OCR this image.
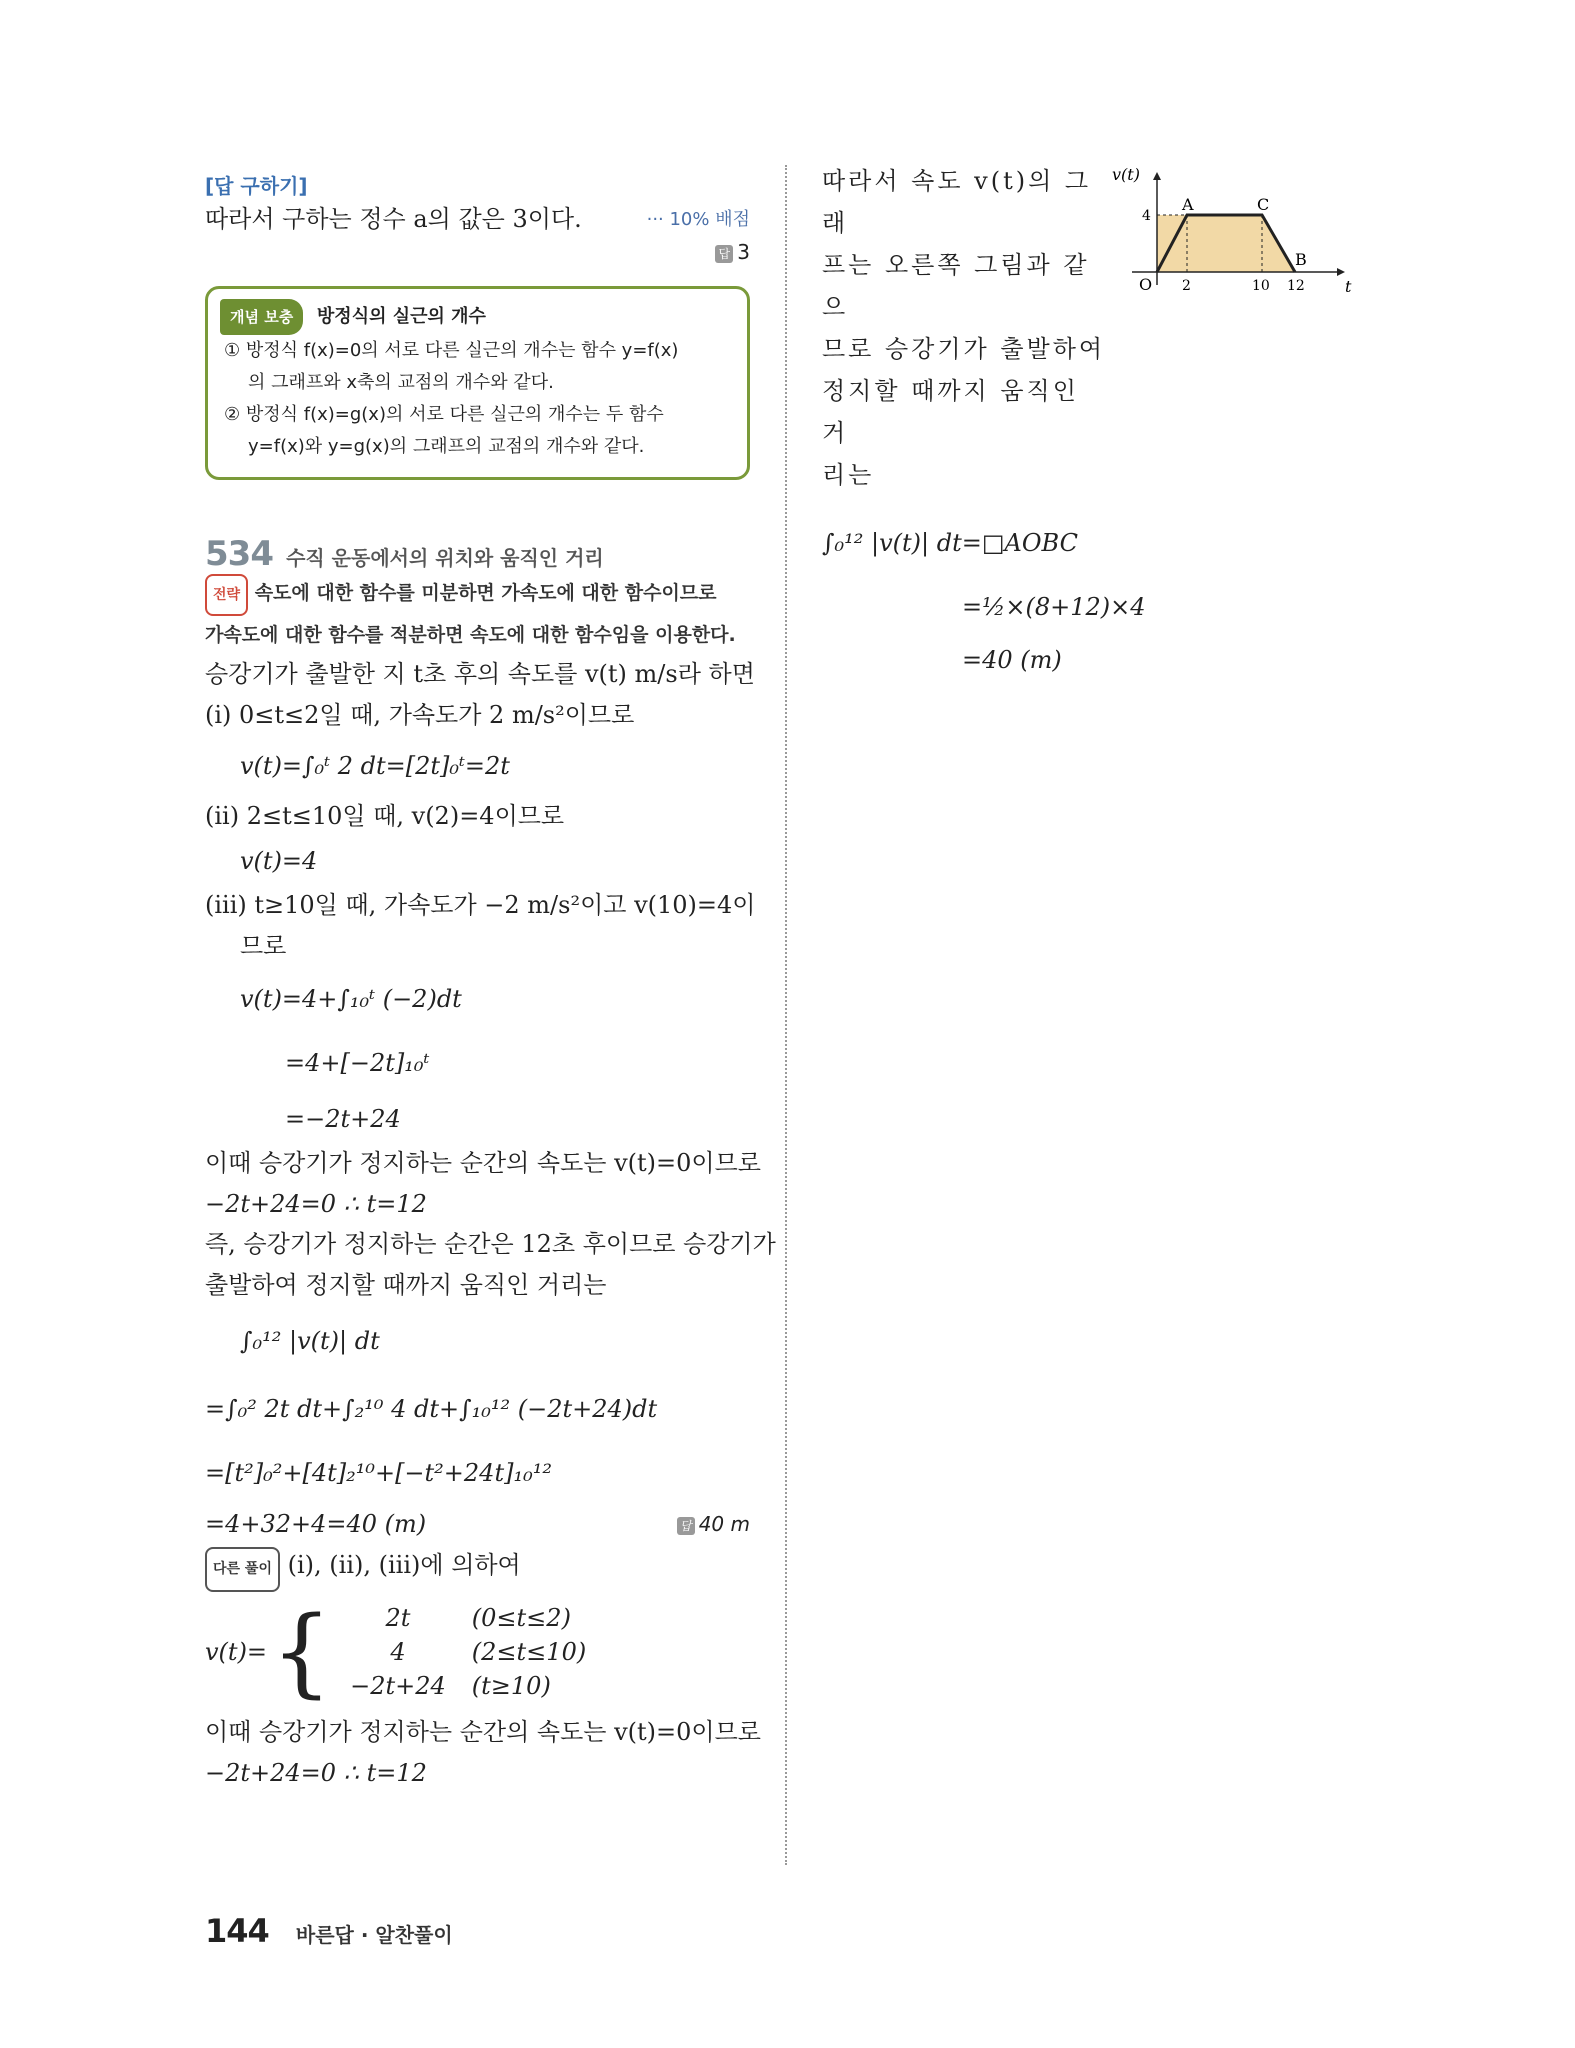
[답 구하기]
따라서 구하는 정수 a의 값은 3이다.	··· 10% 배점
답 3
개념 보충 방정식의 실근의 개수
① 방정식 f(x)=0의 서로 다른 실근의 개수는 함수 y=f(x)
의 그래프와 x축의 교점의 개수와 같다.
② 방정식 f(x)=g(x)의 서로 다른 실근의 개수는 두 함수
y=f(x)와 y=g(x)의 그래프의 교점의 개수와 같다.
534 수직 운동에서의 위치와 움직인 거리
전략 속도에 대한 함수를 미분하면 가속도에 대한 함수이므로
가속도에 대한 함수를 적분하면 속도에 대한 함수임을 이용한다.
승강기가 출발한 지 t초 후의 속도를 v(t) m/s라 하면
(i) 0≤t≤2일 때, 가속도가 2 m/s²이므로
v(t)=∫₀ᵗ 2 dt=[2t]₀ᵗ=2t
(ii) 2≤t≤10일 때, v(2)=4이므로
v(t)=4
(iii) t≥10일 때, 가속도가 −2 m/s²이고 v(10)=4이
므로
v(t)=4+∫₁₀ᵗ (−2)dt
=4+[−2t]₁₀ᵗ
=−2t+24
이때 승강기가 정지하는 순간의 속도는 v(t)=0이므로
−2t+24=0 ∴ t=12
즉, 승강기가 정지하는 순간은 12초 후이므로 승강기가
출발하여 정지할 때까지 움직인 거리는
∫₀¹² |v(t)| dt
=∫₀² 2t dt+∫₂¹⁰ 4 dt+∫₁₀¹² (−2t+24)dt
=[t²]₀²+[4t]₂¹⁰+[−t²+24t]₁₀¹²
=4+32+4=40 (m)	답 40 m
다른 풀이 (i), (ii), (iii)에 의하여
v(t)= { 2t	(0≤t≤2)
4	(2≤t≤10)
−2t+24	(t≥10)
이때 승강기가 정지하는 순간의 속도는 v(t)=0이므로
−2t+24=0 ∴ t=12
따라서 속도 v(t)의 그래
프는 오른쪽 그림과 같으
므로 승강기가 출발하여
정지할 때까지 움직인 거
리는
v(t)
t
O
4
2	10 12
A	C
B
∫₀¹² |v(t)| dt=□AOBC
=½×(8+12)×4
=40 (m)
144 바른답 · 알찬풀이
